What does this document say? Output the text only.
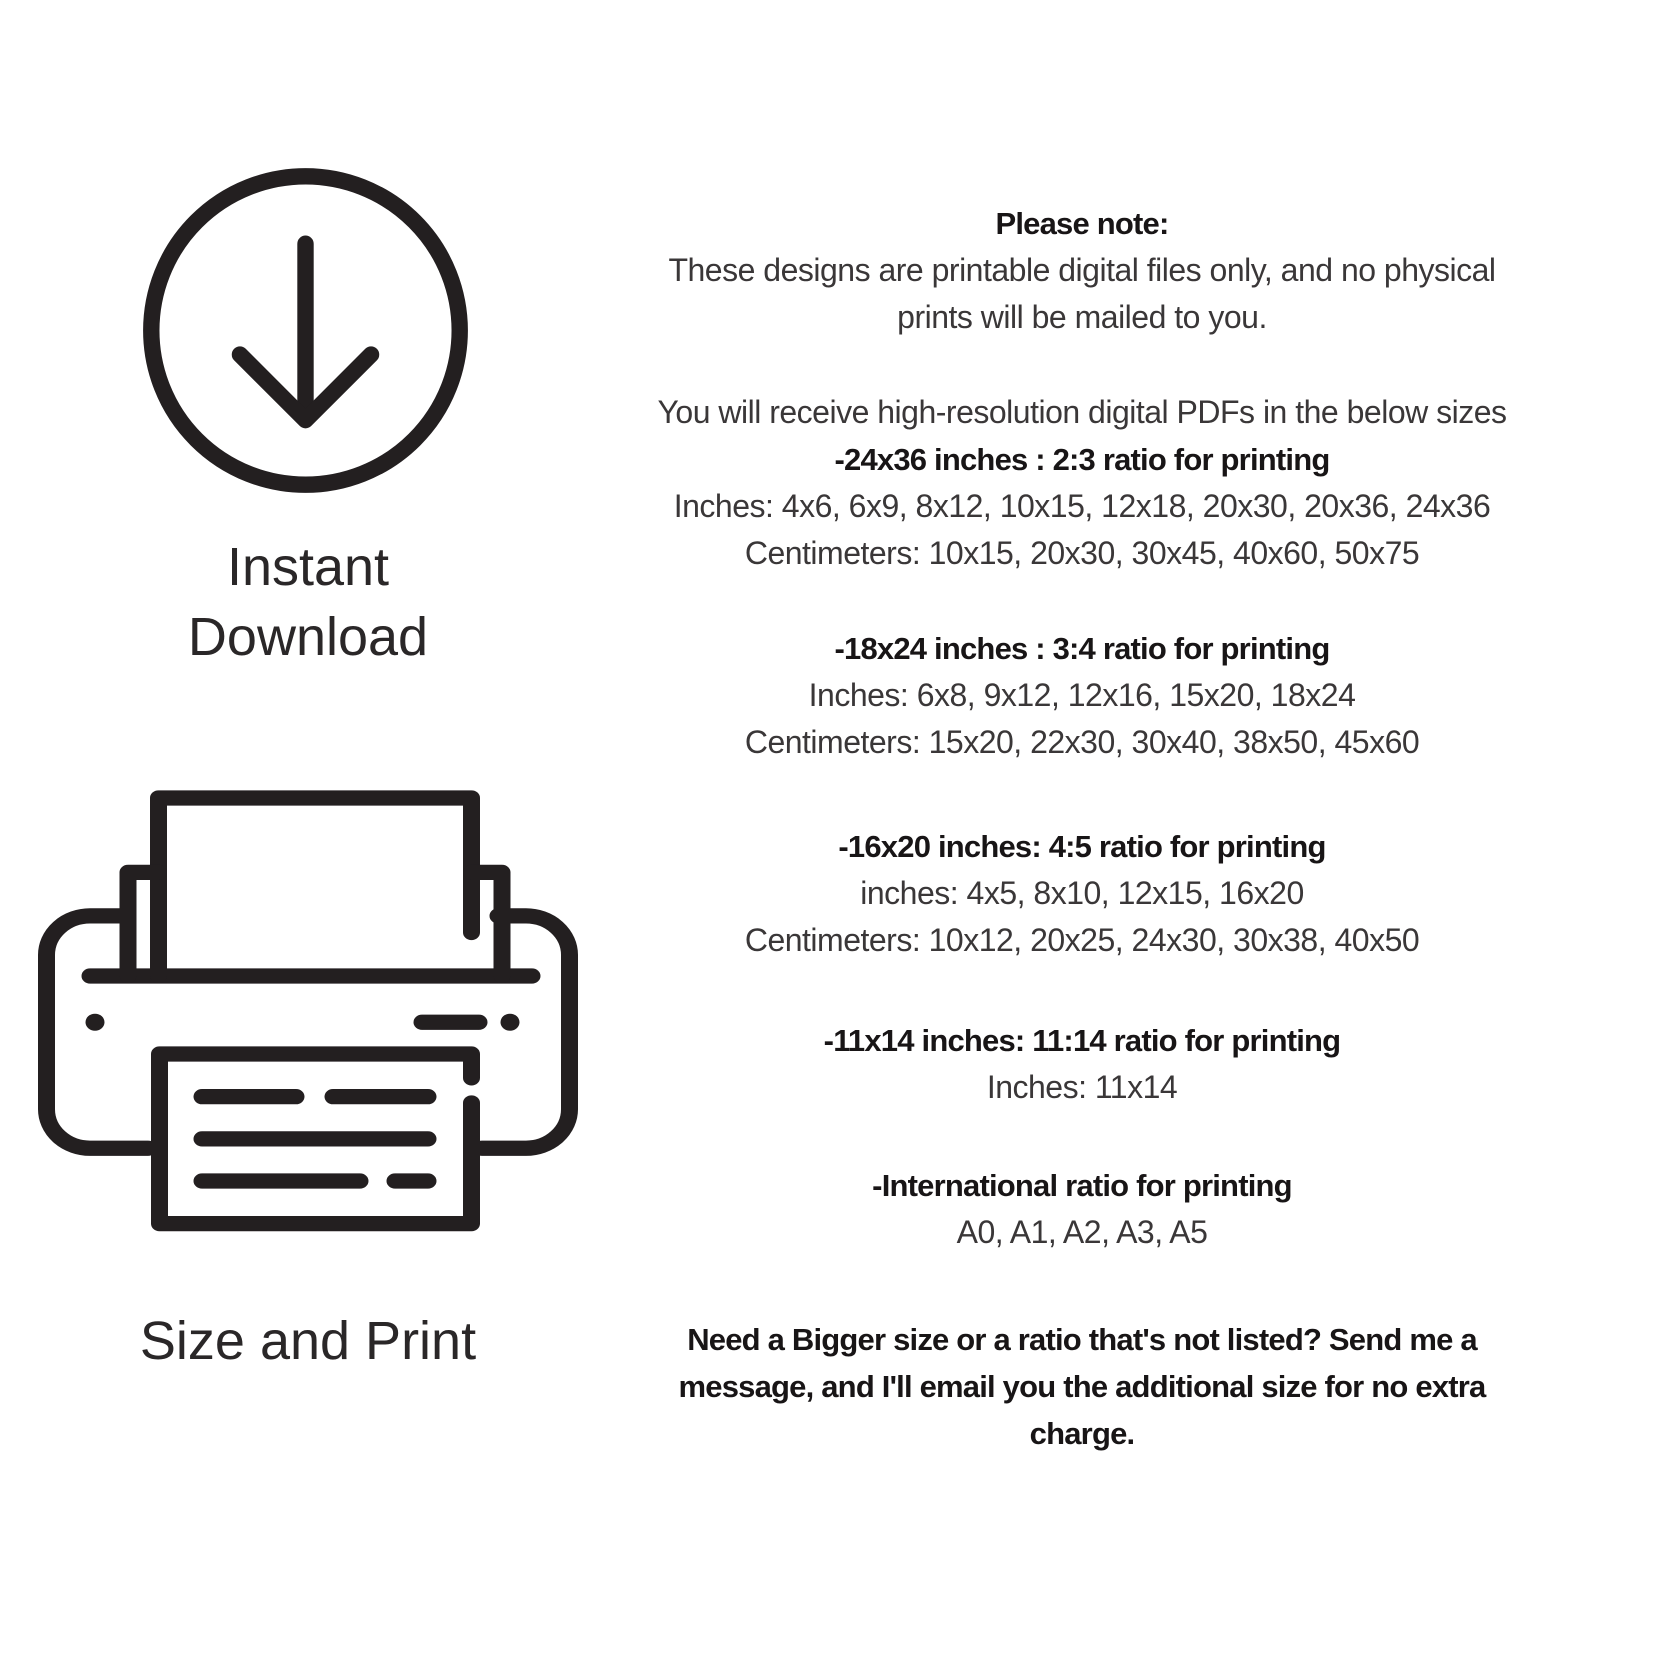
Instant
Download
Size and Print
Please note:
These designs are printable digital files only, and no physical
prints will be mailed to you.
You will receive high-resolution digital PDFs in the below sizes
-24x36 inches : 2:3 ratio for printing
Inches: 4x6, 6x9, 8x12, 10x15, 12x18, 20x30, 20x36, 24x36
Centimeters: 10x15, 20x30, 30x45, 40x60, 50x75
-18x24 inches : 3:4 ratio for printing
Inches: 6x8, 9x12, 12x16, 15x20, 18x24
Centimeters: 15x20, 22x30, 30x40, 38x50, 45x60
-16x20 inches: 4:5 ratio for printing
inches: 4x5, 8x10, 12x15, 16x20
Centimeters: 10x12, 20x25, 24x30, 30x38, 40x50
-11x14 inches: 11:14 ratio for printing
Inches: 11x14
-International ratio for printing
A0, A1, A2, A3, A5
Need a Bigger size or a ratio that's not listed? Send me a
message, and I'll email you the additional size for no extra
charge.
